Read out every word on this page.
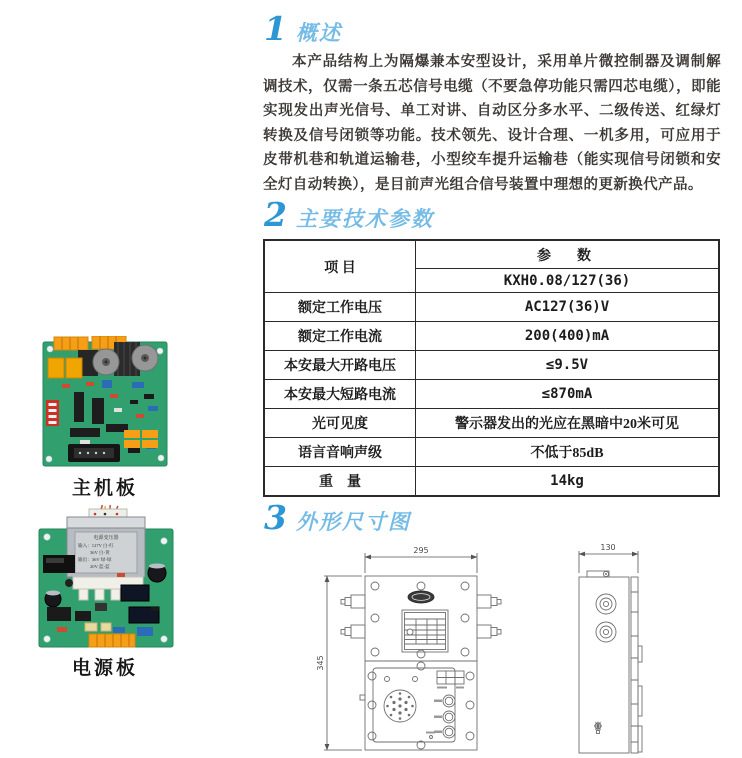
1 概述
本产品结构上为隔爆兼本安型设计，采用单片微控制器及调制解调技术，仅需一条五芯信号电缆（不要急停功能只需四芯电缆），即能实现发出声光信号、单工对讲、自动区分多水平、二级传送、红绿灯转换及信号闭锁等功能。技术领先、设计合理、一机多用，可应用于皮带机巷和轨道运输巷，小型绞车提升运输巷（能实现信号闭锁和安全灯自动转换），是目前声光组合信号装置中理想的更新换代产品。
2 主要技术参数
项 目	参　数
	KXH0.08/127(36)
额定工作电压	AC127(36)V
额定工作电流	200(400)mA
本安最大开路电压	≤9.5V
本安最大短路电流	≤870mA
光可见度	警示器发出的光应在黑暗中20米可见
语言音响声级	不低于85dB
重　量	14kg
3 外形尺寸图
主机板
电源变压器
输入：127V 白-红
36V 白-黄
输出：36V 绿-绿
20V 蓝-蓝
电源板
295
345
130
